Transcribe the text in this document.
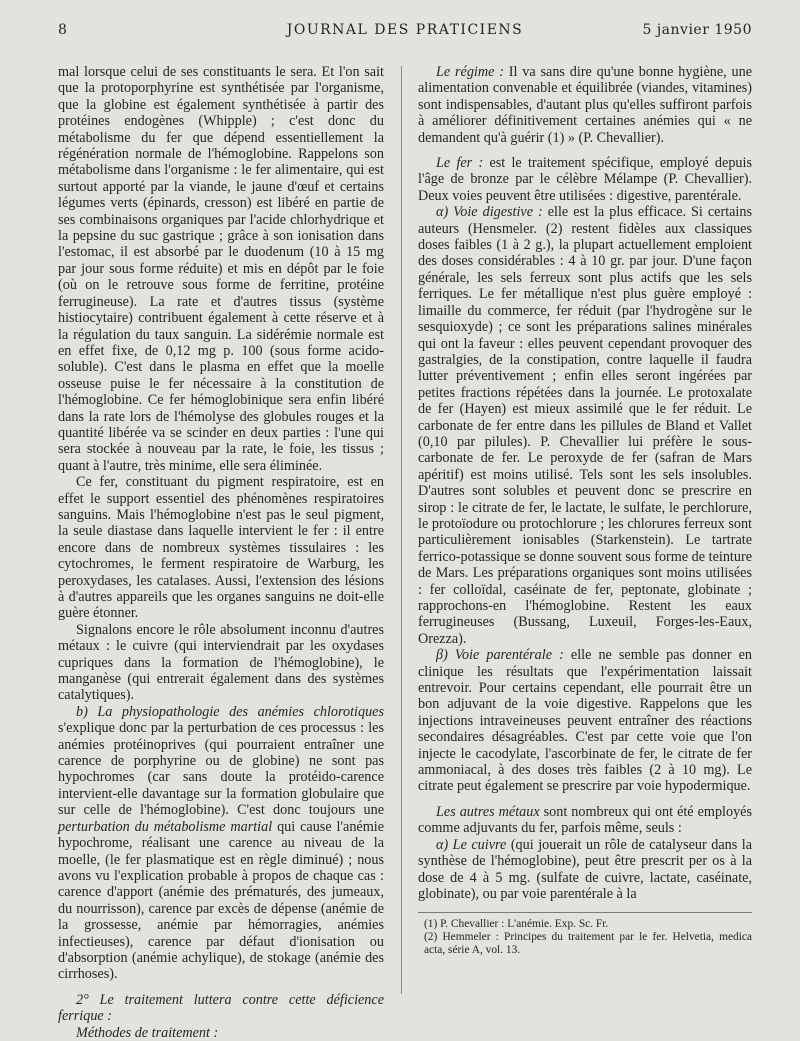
8	JOURNAL DES PRATICIENS	5 janvier 1950

mal lorsque celui de ses constituants le sera. Et l'on sait que la protoporphyrine est synthétisée par l'organisme, que la globine est également synthétisée à partir des protéines endogènes (Whipple) ; c'est donc du métabolisme du fer que dépend essentiellement la régénération normale de l'hémoglobine. Rappelons son métabolisme dans l'organisme : le fer alimentaire, qui est surtout apporté par la viande, le jaune d'œuf et certains légumes verts (épinards, cresson) est libéré en partie de ses combinaisons organiques par l'acide chlorhydrique et la pepsine du suc gastrique ; grâce à son ionisation dans l'estomac, il est absorbé par le duodenum (10 à 15 mg par jour sous forme réduite) et mis en dépôt par le foie (où on le retrouve sous forme de ferritine, protéine ferrugineuse). La rate et d'autres tissus (système histiocytaire) contribuent également à cette réserve et à la régulation du taux sanguin. La sidérémie normale est en effet fixe, de 0,12 mg p. 100 (sous forme acido-soluble). C'est dans le plasma en effet que la moelle osseuse puise le fer nécessaire à la constitution de l'hémoglobine. Ce fer hémoglobinique sera enfin libéré dans la rate lors de l'hémolyse des globules rouges et la quantité libérée va se scinder en deux parties : l'une qui sera stockée à nouveau par la rate, le foie, les tissus ; quant à l'autre, très minime, elle sera éliminée.

Ce fer, constituant du pigment respiratoire, est en effet le support essentiel des phénomènes respiratoires sanguins. Mais l'hémoglobine n'est pas le seul pigment, la seule diastase dans laquelle intervient le fer : il entre encore dans de nombreux systèmes tissulaires : les cytochromes, le ferment respiratoire de Warburg, les peroxydases, les catalases. Aussi, l'extension des lésions à d'autres appareils que les organes sanguins ne doit-elle guère étonner.

Signalons encore le rôle absolument inconnu d'autres métaux : le cuivre (qui interviendrait par les oxydases cupriques dans la formation de l'hémoglobine), le manganèse (qui entrerait également dans des systèmes catalytiques).

b) La physiopathologie des anémies chlorotiques s'explique donc par la perturbation de ces processus : les anémies protéinoprives (qui pourraient entraîner une carence de porphyrine ou de globine) ne sont pas hypochromes (car sans doute la protéido-carence intervient-elle davantage sur la formation globulaire que sur celle de l'hémoglobine). C'est donc toujours une perturbation du métabolisme martial qui cause l'anémie hypochrome, réalisant une carence au niveau de la moelle, (le fer plasmatique est en règle diminué) ; nous avons vu l'explication probable à propos de chaque cas : carence d'apport (anémie des prématurés, des jumeaux, du nourrisson), carence par excès de dépense (anémie de la grossesse, anémie par hémorragies, anémies infectieuses), carence par défaut d'ionisation ou d'absorption (anémie achylique), de stokage (anémie des cirrhoses).

2° Le traitement luttera contre cette déficience ferrique :

Méthodes de traitement :

Le régime : Il va sans dire qu'une bonne hygiène, une alimentation convenable et équilibrée (viandes, vitamines) sont indispensables, d'autant plus qu'elles suffiront parfois à améliorer définitivement certaines anémies qui « ne demandent qu'à guérir (1) » (P. Chevallier).

Le fer : est le traitement spécifique, employé depuis l'âge de bronze par le célèbre Mélampe (P. Chevallier). Deux voies peuvent être utilisées : digestive, parentérale.

α) Voie digestive : elle est la plus efficace. Si certains auteurs (Hensmeler. (2) restent fidèles aux classiques doses faibles (1 à 2 g.), la plupart actuellement emploient des doses considérables : 4 à 10 gr. par jour. D'une façon générale, les sels ferreux sont plus actifs que les sels ferriques. Le fer métallique n'est plus guère employé : limaille du commerce, fer réduit (par l'hydrogène sur le sesquioxyde) ; ce sont les préparations salines minérales qui ont la faveur : elles peuvent cependant provoquer des gastralgies, de la constipation, contre laquelle il faudra lutter préventivement ; enfin elles seront ingérées par petites fractions répétées dans la journée. Le protoxalate de fer (Hayen) est mieux assimilé que le fer réduit. Le carbonate de fer entre dans les pillules de Bland et Vallet (0,10 par pilules). P. Chevallier lui préfère le sous-carbonate de fer. Le peroxyde de fer (safran de Mars apéritif) est moins utilisé. Tels sont les sels insolubles. D'autres sont solubles et peuvent donc se prescrire en sirop : le citrate de fer, le lactate, le sulfate, le perchlorure, le protoïodure ou protochlorure ; les chlorures ferreux sont particulièrement ionisables (Starkenstein). Le tartrate ferrico-potassique se donne souvent sous forme de teinture de Mars. Les préparations organiques sont moins utilisées : fer colloïdal, caséinate de fer, peptonate, globinate ; rapprochons-en l'hémoglobine. Restent les eaux ferrugineuses (Bussang, Luxeuil, Forges-les-Eaux, Orezza).

β) Voie parentérale : elle ne semble pas donner en clinique les résultats que l'expérimentation laissait entrevoir. Pour certains cependant, elle pourrait être un bon adjuvant de la voie digestive. Rappelons que les injections intraveineuses peuvent entraîner des réactions secondaires désagréables. C'est par cette voie que l'on injecte le cacodylate, l'ascorbinate de fer, le citrate de fer ammoniacal, à des doses très faibles (2 à 10 mg). Le citrate peut également se prescrire par voie hypodermique.

Les autres métaux sont nombreux qui ont été employés comme adjuvants du fer, parfois même, seuls :

α) Le cuivre (qui jouerait un rôle de catalyseur dans la synthèse de l'hémoglobine), peut être prescrit per os à la dose de 4 à 5 mg. (sulfate de cuivre, lactate, caséinate, globinate), ou par voie parentérale à la

(1) P. Chevallier : L'anémie. Exp. Sc. Fr.
(2) Hemmeler : Principes du traitement par le fer. Helvetia, medica acta, série A, vol. 13.
